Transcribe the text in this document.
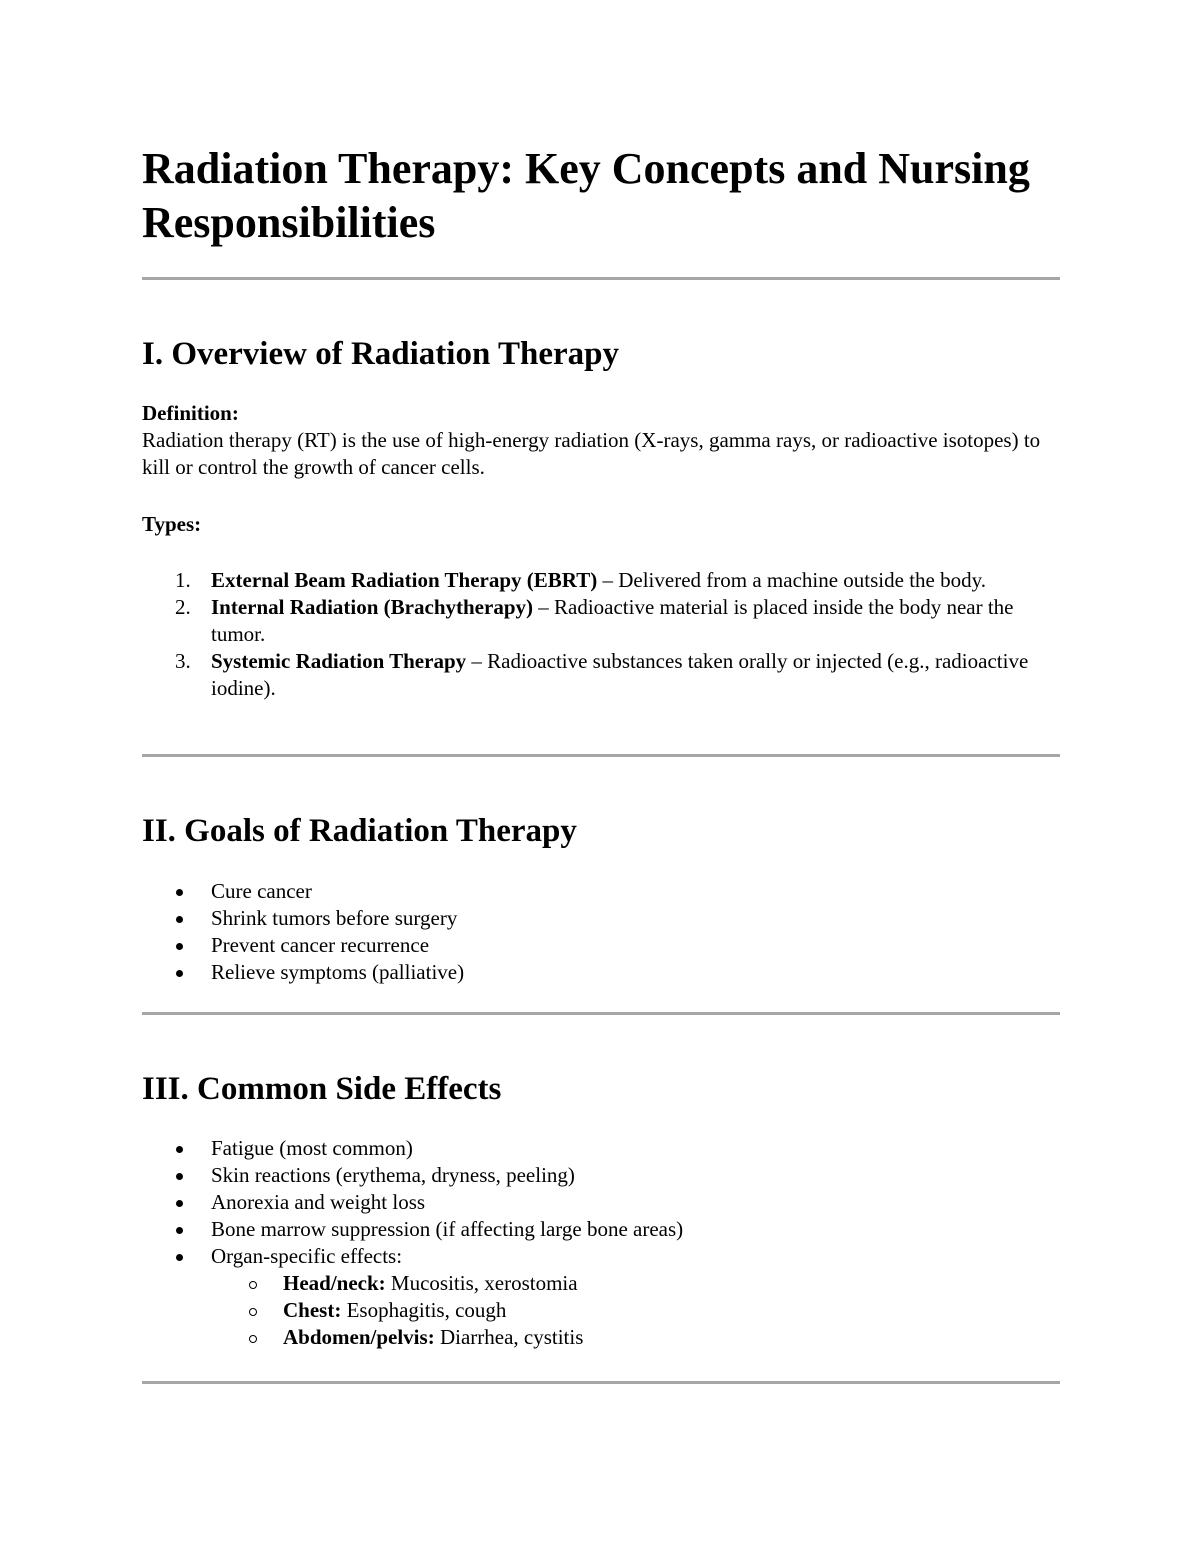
Radiation Therapy: Key Concepts and Nursing Responsibilities
I. Overview of Radiation Therapy

Definition:

Radiation therapy (RT) is the use of high-energy radiation (X-rays, gamma rays, or radioactive isotopes) to kill or control the growth of cancer cells.

Types:

1. External Beam Radiation Therapy (EBRT) – Delivered from a machine outside the body.
2. Internal Radiation (Brachytherapy) – Radioactive material is placed inside the body near the tumor.
3. Systemic Radiation Therapy – Radioactive substances taken orally or injected (e.g., radioactive iodine).
II. Goals of Radiation Therapy
Cure cancer
Shrink tumors before surgery
Prevent cancer recurrence
Relieve symptoms (palliative)
III. Common Side Effects
Fatigue (most common)
Skin reactions (erythema, dryness, peeling)
Anorexia and weight loss
Bone marrow suppression (if affecting large bone areas)
Organ-specific effects:
Head/neck: Mucositis, xerostomia
Chest: Esophagitis, cough
Abdomen/pelvis: Diarrhea, cystitis
